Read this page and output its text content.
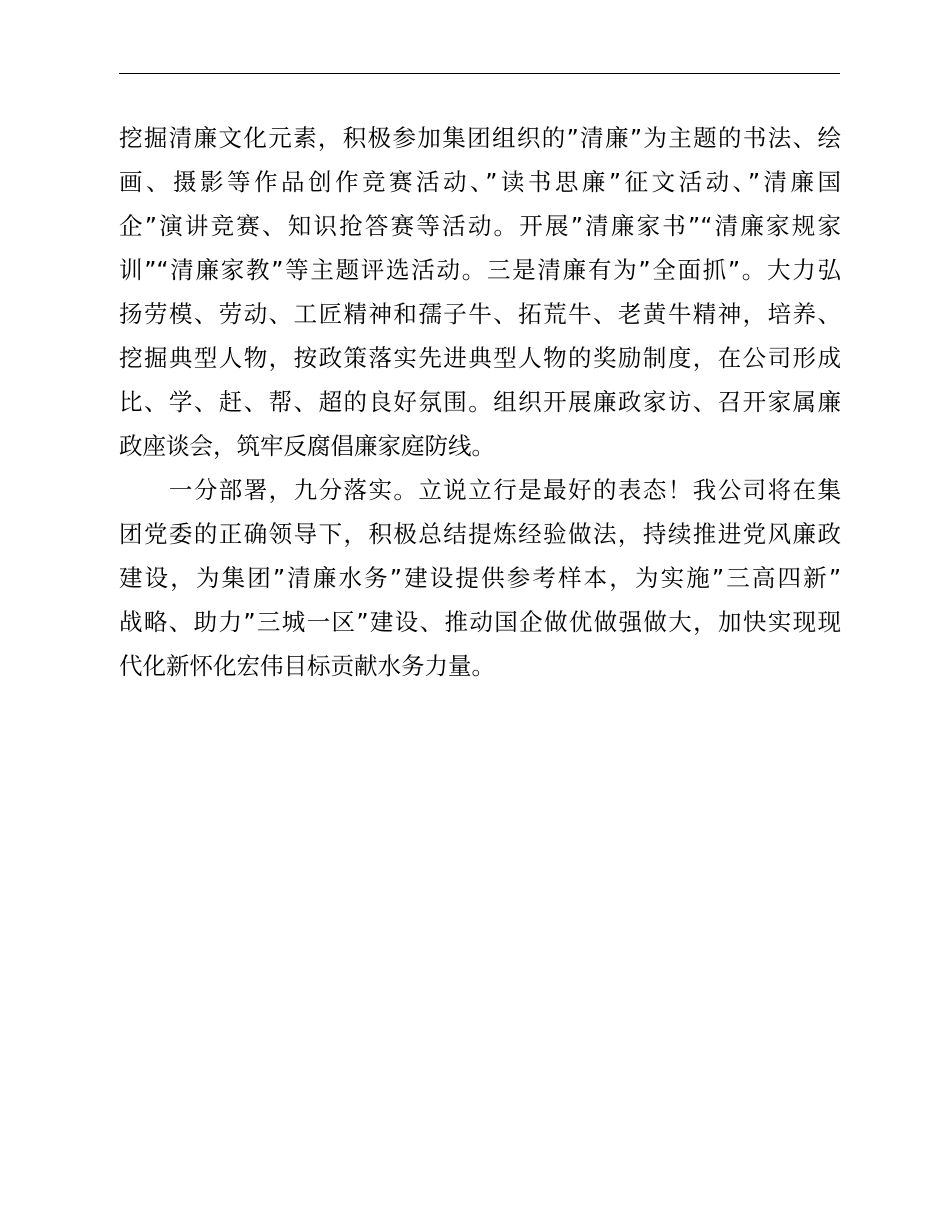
挖掘清廉文化元素，积极参加集团组织的”清廉”为主题的书法、绘
画、摄影等作品创作竞赛活动、”读书思廉”征文活动、”清廉国
企”演讲竞赛、知识抢答赛等活动。开展”清廉家书”“清廉家规家
训”“清廉家教”等主题评选活动。三是清廉有为”全面抓”。大力弘
扬劳模、劳动、工匠精神和孺子牛、拓荒牛、老黄牛精神，培养、
挖掘典型人物，按政策落实先进典型人物的奖励制度，在公司形成
比、学、赶、帮、超的良好氛围。组织开展廉政家访、召开家属廉
政座谈会，筑牢反腐倡廉家庭防线。
　　一分部署，九分落实。立说立行是最好的表态！我公司将在集
团党委的正确领导下，积极总结提炼经验做法，持续推进党风廉政
建设，为集团”清廉水务”建设提供参考样本，为实施”三高四新”
战略、助力”三城一区”建设、推动国企做优做强做大，加快实现现
代化新怀化宏伟目标贡献水务力量。
